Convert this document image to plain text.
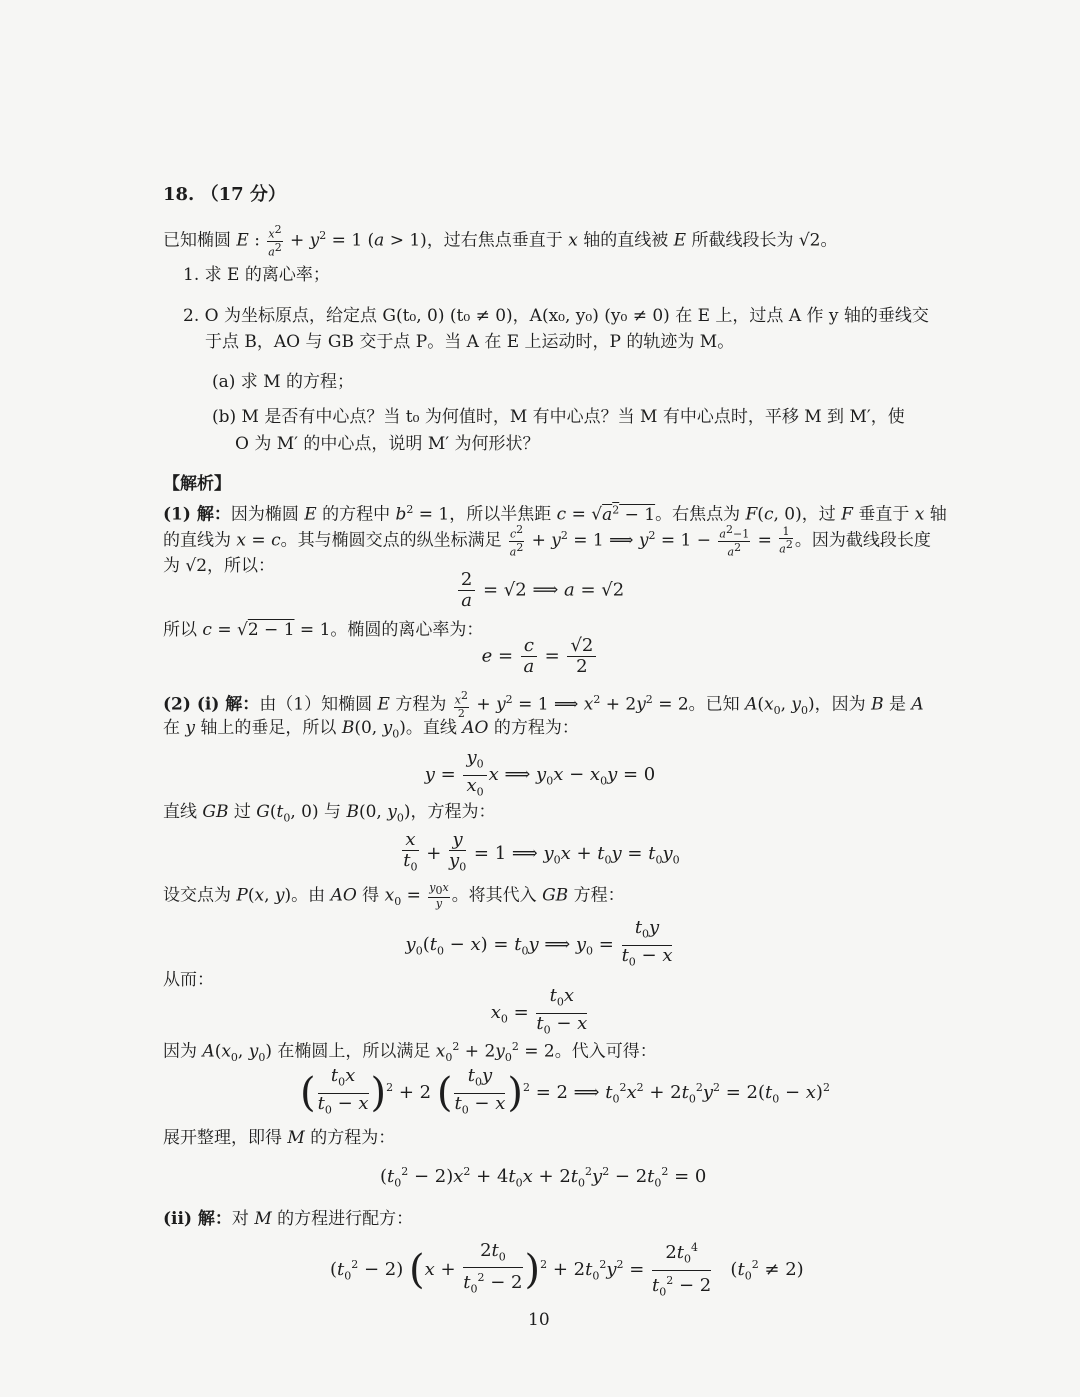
18. （17 分）
已知椭圆 E : $\frac{x^2}{a^2} + y^2 = 1$ (a > 1)，过右焦点垂直于 x 轴的直线被 E 所截线段长为 √2。
1. 求 E 的离心率；
2. O 为坐标原点，给定点 G(t₀, 0) (t₀ ≠ 0)，A(x₀, y₀) (y₀ ≠ 0) 在 E 上，过点 A 作 y 轴的垂线交
于点 B，AO 与 GB 交于点 P。当 A 在 E 上运动时，P 的轨迹为 M。
(a) 求 M 的方程；
(b) M 是否有中心点？当 t₀ 为何值时，M 有中心点？当 M 有中心点时，平移 M 到 M′，使
O 为 M′ 的中心点，说明 M′ 为何形状？
【解析】
(1) 解：因为椭圆 E 的方程中 $b^2 = 1$，所以半焦距 $c = √a^2 - 1$。右焦点为 F(c, 0)，过 F 垂直于 x 轴
的直线为 x = c。其与椭圆交点的纵坐标满足 $\frac{c^2}{a^2} + y^2 = 1$ ⟹ $y^2 = 1 - \frac{a^2-1}{a^2} = \frac{1}{a^2}$ 。因为截线段长度
为 √2，所以：
$\frac{2}{a} = √2$ ⟹ a = √2
所以 c = √2 − 1 = 1。椭圆的离心率为：
$e = \frac{c}{a} = \frac{√2}{2}$
(2) (i) 解：由（1）知椭圆 E 方程为 $\frac{x^2}{2} + y^2 = 1$ ⟹ $x^2 + 2y^2 = 2$。已知 $A(x_0$, $y_0$)，因为 B 是 A
在 y 轴上的垂足，所以 B(0, $y_0$)。直线 AO 的方程为：
$y = \frac{y_0}{x_0}$ x ⟹ $y_0x - x_0y = 0$
直线 GB 过 $G(t_0$, 0) 与 B(0, $y_0$)，方程为：
$\frac{x}{t_0} + \frac{y}{y_0} = 1$ ⟹ $y_0x + t_0y = t_0y_0$
设交点为 P(x, y)。由 AO 得 $x_0 = \frac{y_0x}{y}$ 。将其代入 GB 方程：
$y_0(t_0 - x) = t_0y$ ⟹ $y_0 = \frac{t_0y}{t_0 - x}$
从而：
$x_0 = \frac{t_0x}{t_0 - x}$
因为 $A(x_0$, $y_0$) 在椭圆上，所以满足 $x_0^2 + 2y_0^2 = 2$。代入可得：
( $\frac{t_0x}{t_0 - x} )^2 + 2$ ( $\frac{t_0y}{t_0 - x} )^2 = 2$ ⟹ $t_0^2x^2 + 2t_0^2y^2 = 2(t_0 - x)^2$
展开整理，即得 M 的方程为：
$(t_0^2 - 2)x^2 + 4t_0x + 2t_0^2y^2 - 2t_0^2 = 0$
(ii) 解：对 M 的方程进行配方：
$(t_0^2 - 2) (x + \frac{2t_0}{t_0^2 - 2} )^2 + 2t_0^2y^2 = \frac{2t_0^4}{t_0^2 - 2} (t_0^2 \ne 2)$
10
